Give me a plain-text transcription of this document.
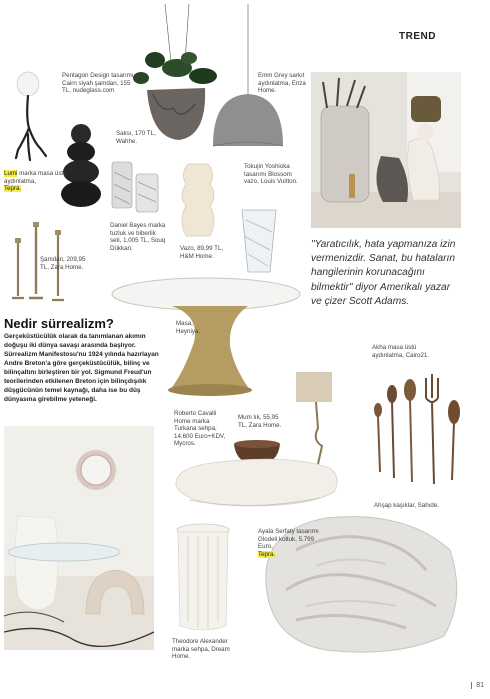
TREND
"Yaratıcılık, hata yapmanıza izin vermenizdir. Sanat, bu hataların hangilerinin korunacağını bilmektir" diyor Amerikalı yazar ve çizer Scott Adams.
Lumi marka masa üstü aydınlatma,
Tepra.
Pentagon Design tasarımı Cairn siyah şamdan, 155 TL, nudeglass.com
Saksı, 170 TL, Wahhe.
Emm Grey sarkıt aydınlatma, Enza Home.
Tokujin Yoshioka tasarımı Blossom vazo, Louis Vuitton.
Vazo, 89,99 TL, H&M Home.
Daniel Bayes marka tuzluk ve biberlik seti, 1.005 TL, Souq Dükkan.
Şamdan, 209,95 TL, Zara Home.
Masa, Heyniya.
Akha masa üstü aydınlatma, Cairo21.
Roberto Cavalli Home marka Turkana sehpa, 14.600 Euro+KDV, Mycros.
Mum lık, 55,95 TL, Zara Home.
Ahşap kaşıklar, Sahıde.
Ayala Serfaty tasarımı Glodeli koltuk, 5.799 Euro,
Tepra.
Theodore Alexander marka sehpa, Dream Home.
Nedir sürrealizm?
Gerçeküstücülük olarak da tanımlanan akımın doğuşu iki dünya savaşı arasında başlıyor. Sürrealizm Manifestosu'nu 1924 yılında hazırlayan Andre Breton'a göre gerçeküstücülük, bilinç ve bilinçaltını birleştiren bir yol. Sigmund Freud'un teorilerinden etkilenen Breton için bilinçdışılık düşgücünün temel kaynağı, daha ise bu düş dünyasına girebilme yeteneği.
81
